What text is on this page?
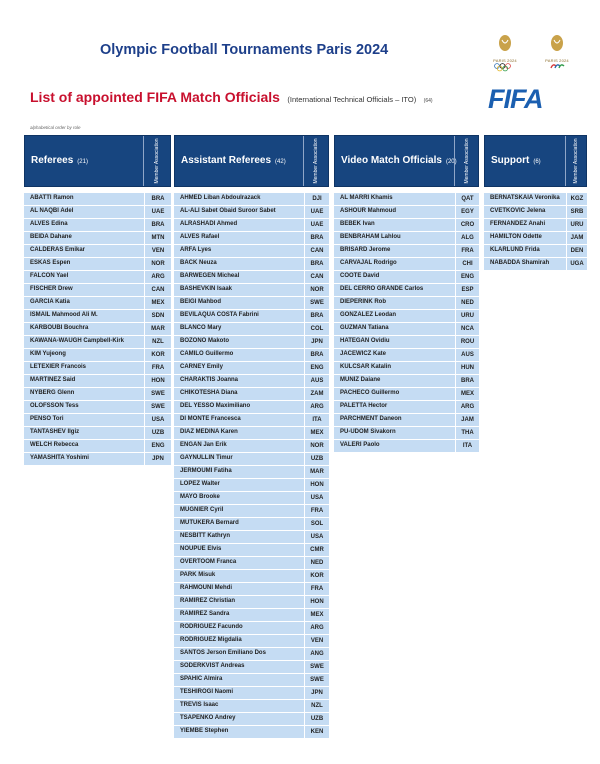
Olympic Football Tournaments Paris 2024
List of appointed FIFA Match Officials (International Technical Officials – ITO) (64)
alphabetical order by role
PARIS 2024	PARIS 2024
FIFA
Referees (21)	Member Association
ABATTI Ramon	BRA
AL NAQBI Adel	UAE
ALVES Edina	BRA
BEIDA Dahane	MTN
CALDERAS Emikar	VEN
ESKAS Espen	NOR
FALCON Yael	ARG
FISCHER Drew	CAN
GARCIA Katia	MEX
ISMAIL Mahmood Ali M.	SDN
KARBOUBI Bouchra	MAR
KAWANA-WAUGH Campbell-Kirk	NZL
KIM Yujeong	KOR
LETEXIER Francois	FRA
MARTINEZ Said	HON
NYBERG Glenn	SWE
OLOFSSON Tess	SWE
PENSO Tori	USA
TANTASHEV Ilgiz	UZB
WELCH Rebecca	ENG
YAMASHITA Yoshimi	JPN
Assistant Referees (42)	Member Association
AHMED Liban Abdoulrazack	DJI
AL-ALI Sabet Obaid Suroor Sabet	UAE
ALRASHADI Ahmed	UAE
ALVES Rafael	BRA
ARFA Lyes	CAN
BACK Neuza	BRA
BARWEGEN Micheal	CAN
BASHEVKIN Isaak	NOR
BEIGI Mahbod	SWE
BEVILAQUA COSTA Fabrini	BRA
BLANCO Mary	COL
BOZONO Makoto	JPN
CAMILO Guillermo	BRA
CARNEY Emily	ENG
CHARAKTIS Joanna	AUS
CHIKOTESHA Diana	ZAM
DEL YESSO Maximiliano	ARG
DI MONTE Francesca	ITA
DIAZ MEDINA Karen	MEX
ENGAN Jan Erik	NOR
GAYNULLIN Timur	UZB
JERMOUMI Fatiha	MAR
LOPEZ Walter	HON
MAYO Brooke	USA
MUGNIER Cyril	FRA
MUTUKERA Bernard	SOL
NESBITT Kathryn	USA
NOUPUE Elvis	CMR
OVERTOOM Franca	NED
PARK Misuk	KOR
RAHMOUNI Mehdi	FRA
RAMIREZ Christian	HON
RAMIREZ Sandra	MEX
RODRIGUEZ Facundo	ARG
RODRIGUEZ Migdalia	VEN
SANTOS Jerson Emiliano Dos	ANG
SODERKVIST Andreas	SWE
SPAHIC Almira	SWE
TESHIROGI Naomi	JPN
TREVIS Isaac	NZL
TSAPENKO Andrey	UZB
YIEMBE Stephen	KEN
Video Match Officials (20) Member Association
AL MARRI Khamis	QAT
ASHOUR Mahmoud	EGY
BEBEK Ivan	CRO
BENBRAHAM Lahlou	ALG
BRISARD Jerome	FRA
CARVAJAL Rodrigo	CHI
COOTE David	ENG
DEL CERRO GRANDE Carlos	ESP
DIEPERINK Rob	NED
GONZALEZ Leodan	URU
GUZMAN Tatiana	NCA
HATEGAN Ovidiu	ROU
JACEWICZ Kate	AUS
KULCSAR Katalin	HUN
MUNIZ Daiane	BRA
PACHECO Guillermo	MEX
PALETTA Hector	ARG
PARCHMENT Daneon	JAM
PU-UDOM Sivakorn	THA
VALERI Paolo	ITA
Support (6)	Member Association
BERNATSKAIA Veronika	KGZ
CVETKOVIC Jelena	SRB
FERNANDEZ Anahi	URU
HAMILTON Odette	JAM
KLARLUND Frida	DEN
NABADDA Shamirah	UGA
